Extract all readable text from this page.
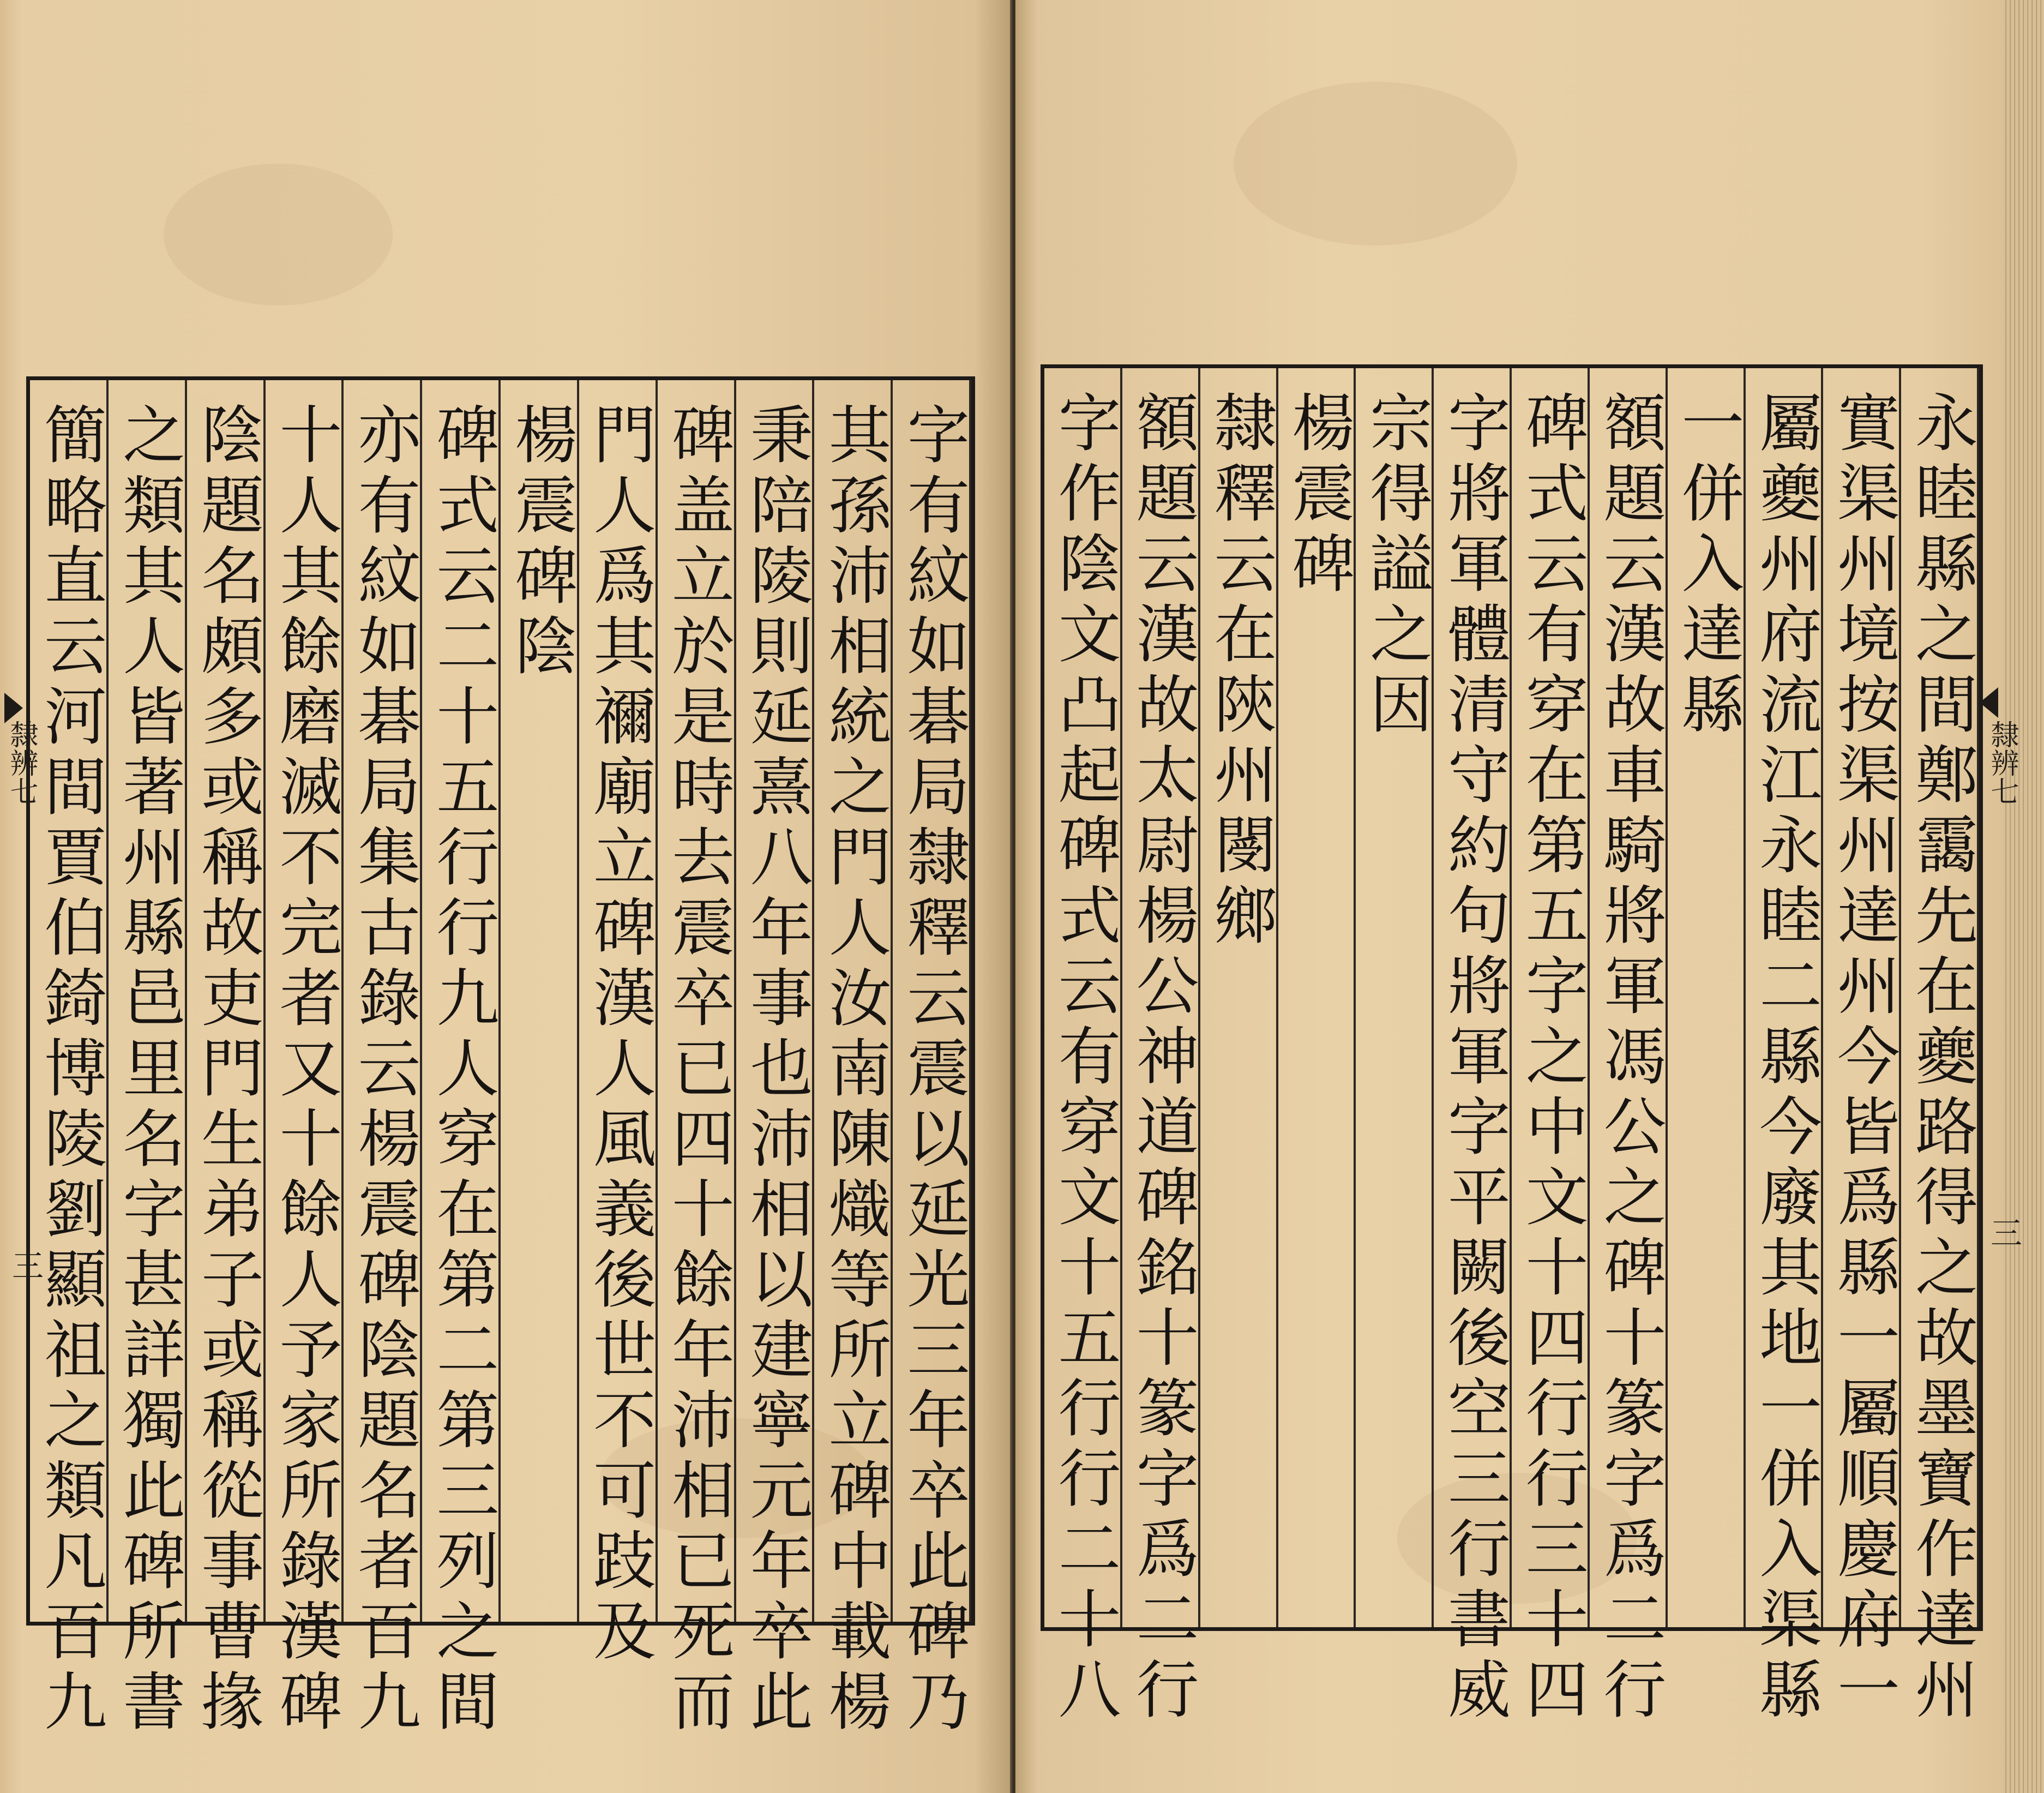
字有紋如碁局隸釋云震以延光三年卒此碑乃
其孫沛相統之門人汝南陳熾等所立碑中載楊
秉陪陵則延熹八年事也沛相以建寧元年卒此
碑盖立於是時去震卒已四十餘年沛相已死而
門人爲其禰廟立碑漢人風義後世不可跂及
楊震碑陰
碑式云二十五行行九人穿在第二第三列之間
亦有紋如碁局集古錄云楊震碑陰題名者百九
十人其餘磨滅不完者又十餘人予家所錄漢碑
陰題名頗多或稱故吏門生弟子或稱從事曹掾
之類其人皆著州縣邑里名字甚詳獨此碑所書
簡略直云河間賈伯錡博陵劉顯祖之類凡百九
隸辨七
三	永睦縣之間鄭靄先在夔路得之故墨寶作達州
實渠州境按渠州達州今皆爲縣一屬順慶府一
屬夔州府流江永睦二縣今廢其地一併入渠縣
一併入達縣
額題云漢故車騎將軍馮公之碑十篆字爲二行
碑式云有穿在第五字之中文十四行行三十四
字將軍體清守約句將軍字平闕後空三行書威
宗得謚之因
楊震碑
隸釋云在陝州閿鄉
額題云漢故太尉楊公神道碑銘十篆字爲二行
字作陰文凸起碑式云有穿文十五行行二十八	隸辨七
三
